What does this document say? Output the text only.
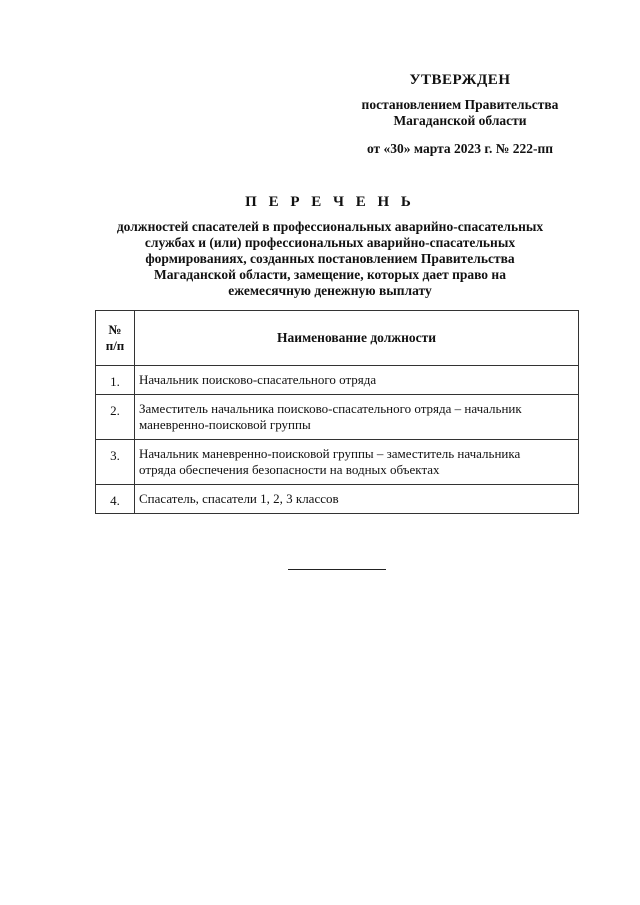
УТВЕРЖДЕН
постановлением Правительства
Магаданской области
от «30» марта 2023 г. № 222-пп
П Е Р Е Ч Е Н Ь
должностей спасателей в профессиональных аварийно-спасательных
службах и (или) профессиональных аварийно-спасательных
формированиях, созданных постановлением Правительства
Магаданской области, замещение, которых дает право на
ежемесячную денежную выплату
№
п/п	Наименование должности
1.	Начальник поисково-спасательного отряда

2.	Заместитель начальника поисково-спасательного отряда – начальник
маневренно-поисковой группы

3.	Начальник маневренно-поисковой группы – заместитель начальника
отряда обеспечения безопасности на водных объектах

4.	Спасатель, спасатели 1, 2, 3 классов
